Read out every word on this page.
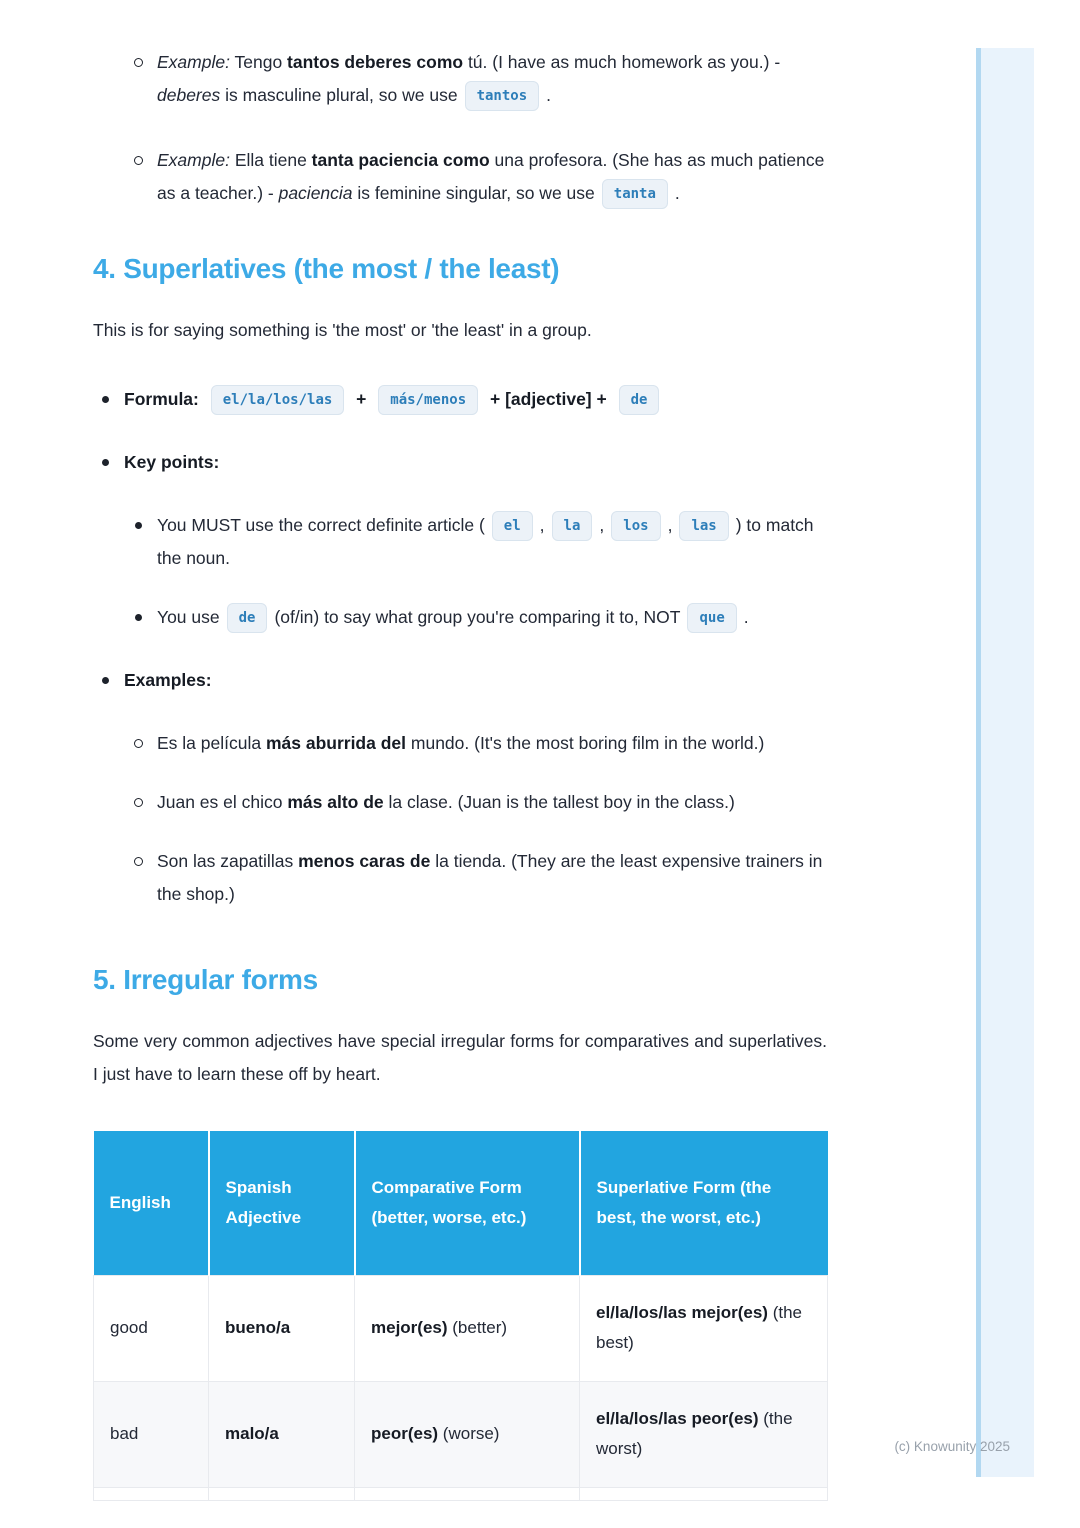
(c) Knowunity 2025
Example: Tengo tantos deberes como tú. (I have as much homework as you.) - deberes is masculine plural, so we use tantos .
Example: Ella tiene tanta paciencia como una profesora. (She has as much patience as a teacher.) - paciencia is feminine singular, so we use tanta .
4. Superlatives (the most / the least)

This is for saying something is 'the most' or 'the least' in a group.

Formula: el/la/los/las + más/menos + [adjective] + de
Key points:
You MUST use the correct definite article ( el , la , los , las ) to match the noun.
You use de (of/in) to say what group you're comparing it to, NOT que .
Examples:
Es la película más aburrida del mundo. (It's the most boring film in the world.)
Juan es el chico más alto de la clase. (Juan is the tallest boy in the class.)
Son las zapatillas menos caras de la tienda. (They are the least expensive trainers in the shop.)
5. Irregular forms

Some very common adjectives have special irregular forms for comparatives and superlatives. I just have to learn these off by heart.

English	Spanish Adjective	Comparative Form (better, worse, etc.)	Superlative Form (the best, the worst, etc.)
good	bueno/a	mejor(es) (better)	el/la/los/las mejor(es) (the best)
bad	malo/a	peor(es) (worse)	el/la/los/las peor(es) (the worst)
